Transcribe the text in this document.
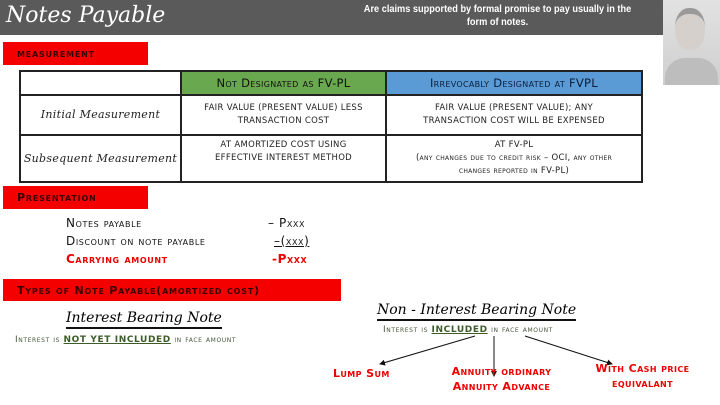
Notes Payable	Are claims supported by formal promise to pay usually in the form of notes.
measurement
	Not Designated as FV-PL	Irrevocably Designated at FVPL
Initial Measurement	FAIR VALUE (PRESENT VALUE) LESS TRANSACTION COST	FAIR VALUE (PRESENT VALUE); ANY TRANSACTION COST WILL BE EXPENSED
Subsequent Measurement	AT AMORTIZED COST USING EFFECTIVE INTEREST METHOD	AT FV-PL
(any changes due to credit risk – OCI, any other changes reported in FV-PL)
Presentation
Notes payable	– Pxxx
Discount on note payable	–(xxx)
Carrying amount	-Pxxx
Types of Note Payable(amortized cost)
Interest Bearing Note
Interest is NOT YET INCLUDED in face amount
Non - Interest Bearing Note
Interest is INCLUDED in face amount
Lump Sum	Annuity ordinary
Annuity Advance
With Cash price
equivalant
